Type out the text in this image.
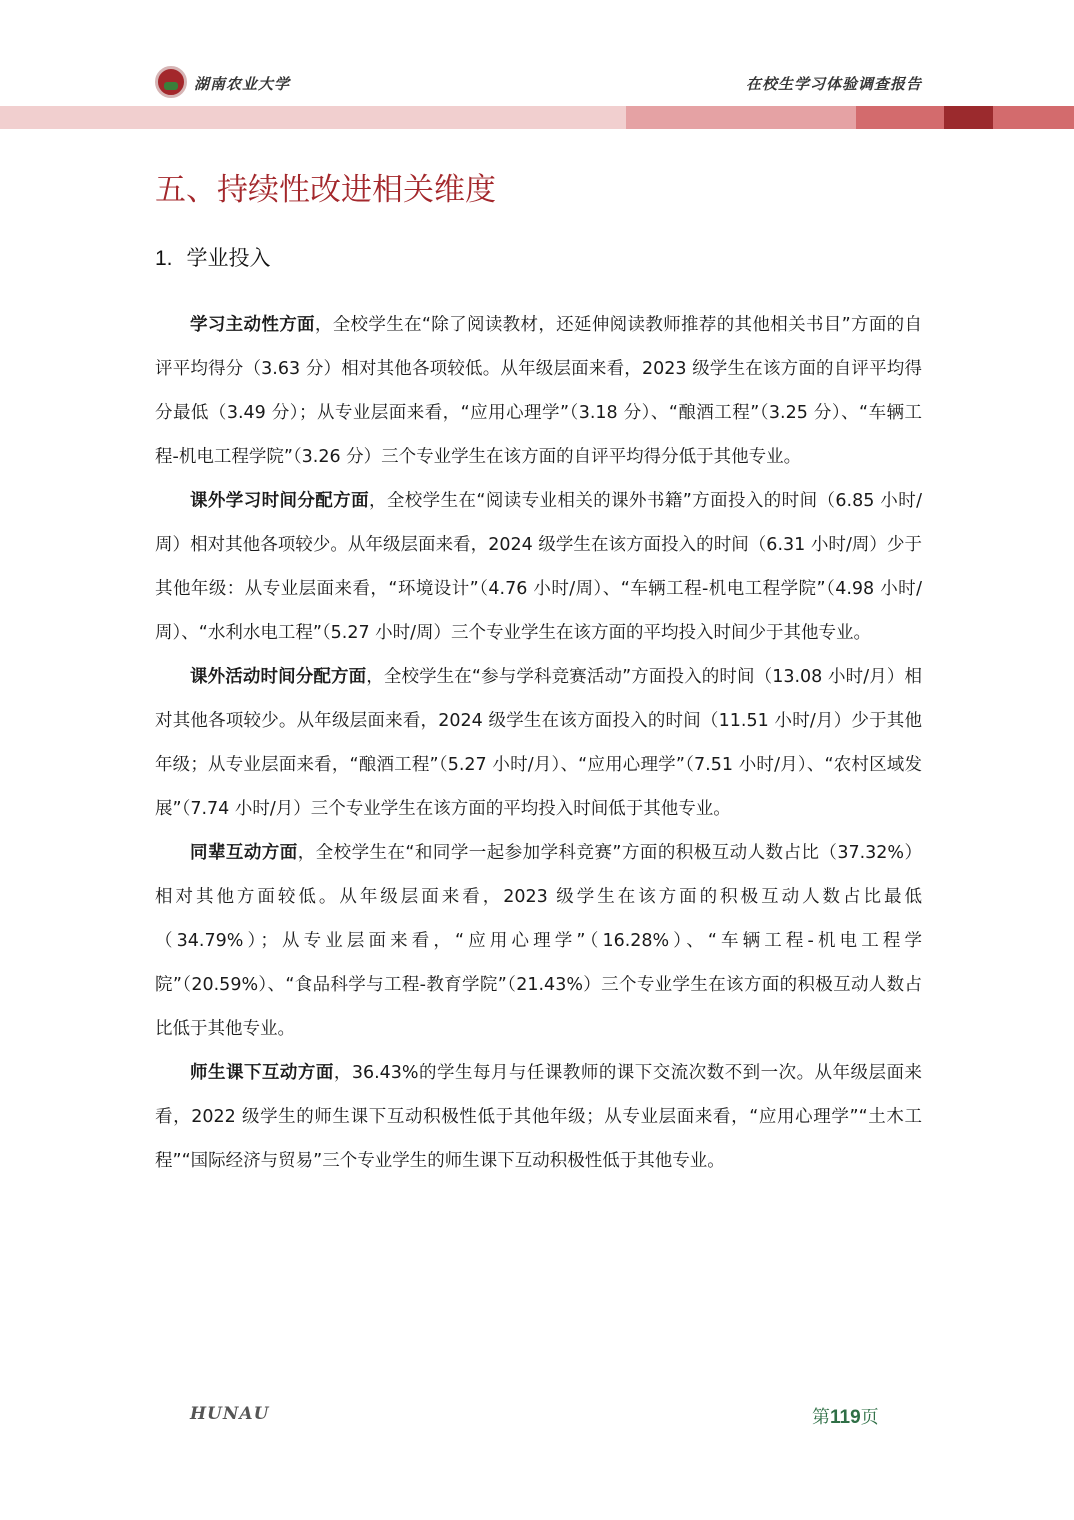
湖南农业大学	在校生学习体验调查报告
五、持续性改进相关维度
1. 学业投入

学习主动性方面，全校学生在“除了阅读教材，还延伸阅读教师推荐的其他相关书目”方面的自评平均得分（3.63 分）相对其他各项较低。从年级层面来看，2023 级学生在该方面的自评平均得分最低（3.49 分）；从专业层面来看，“应用心理学”（3.18 分）、“酿酒工程”（3.25 分）、“车辆工程-机电工程学院”（3.26 分）三个专业学生在该方面的自评平均得分低于其他专业。

课外学习时间分配方面，全校学生在“阅读专业相关的课外书籍”方面投入的时间（6.85 小时/周）相对其他各项较少。从年级层面来看，2024 级学生在该方面投入的时间（6.31 小时/周）少于其他年级：从专业层面来看，“环境设计”（4.76 小时/周）、“车辆工程-机电工程学院”（4.98 小时/周）、“水利水电工程”（5.27 小时/周）三个专业学生在该方面的平均投入时间少于其他专业。

课外活动时间分配方面，全校学生在“参与学科竞赛活动”方面投入的时间（13.08 小时/月）相对其他各项较少。从年级层面来看，2024 级学生在该方面投入的时间（11.51 小时/月）少于其他年级；从专业层面来看，“酿酒工程”（5.27 小时/月）、“应用心理学”（7.51 小时/月）、“农村区域发展”（7.74 小时/月）三个专业学生在该方面的平均投入时间低于其他专业。

同辈互动方面，全校学生在“和同学一起参加学科竞赛”方面的积极互动人数占比（37.32%）相对其他方面较低。从年级层面来看，2023 级学生在该方面的积极互动人数占比最低（34.79%）；从专业层面来看，“应用心理学”（16.28%）、“车辆工程-机电工程学院”（20.59%）、“食品科学与工程-教育学院”（21.43%）三个专业学生在该方面的积极互动人数占比低于其他专业。

师生课下互动方面，36.43%的学生每月与任课教师的课下交流次数不到一次。从年级层面来看，2022 级学生的师生课下互动积极性低于其他年级；从专业层面来看，“应用心理学”“土木工程”“国际经济与贸易”三个专业学生的师生课下互动积极性低于其他专业。

HUNAU	第119页
